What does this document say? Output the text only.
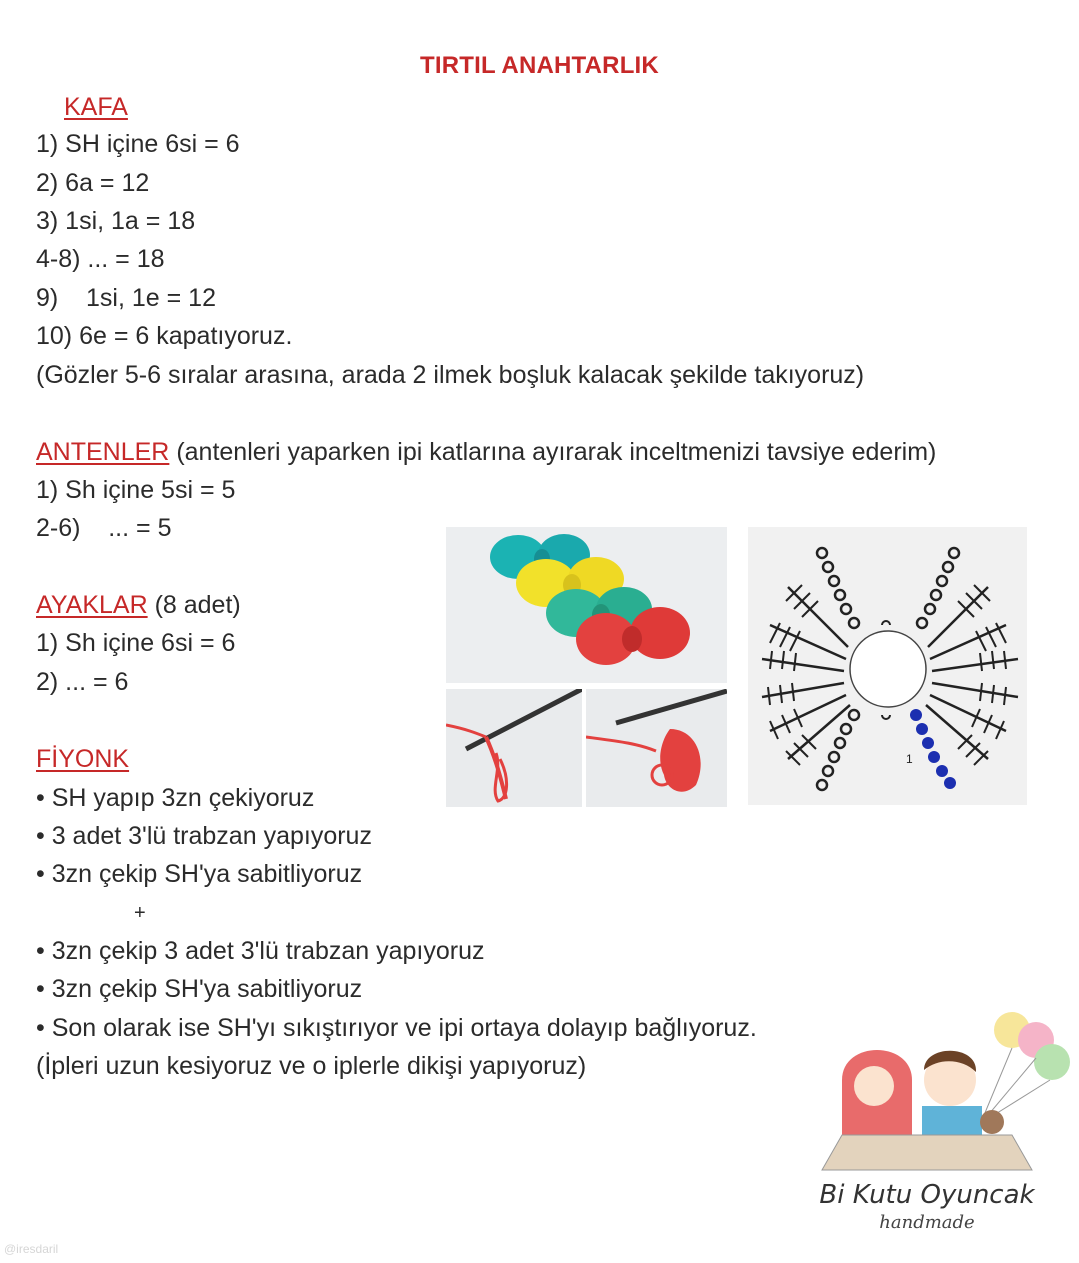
TIRTIL ANAHTARLIK
KAFA
1) SH içine 6si = 6
2) 6a = 12
3) 1si, 1a = 18
4-8) ... = 18
9)    1si, 1e = 12
10) 6e = 6 kapatıyoruz.
(Gözler 5-6 sıralar arasına, arada 2 ilmek boşluk kalacak şekilde takıyoruz)
ANTENLER (antenleri yaparken ipi katlarına ayırarak inceltmenizi tavsiye ederim)
1) Sh içine 5si = 5
2-6)    ... = 5
AYAKLAR (8 adet)
1) Sh içine 6si = 6
2) ... = 6
FİYONK
• SH yapıp 3zn çekiyoruz
• 3 adet 3'lü trabzan yapıyoruz
• 3zn çekip SH'ya sabitliyoruz
+
• 3zn çekip 3 adet 3'lü trabzan yapıyoruz
• 3zn çekip SH'ya sabitliyoruz
• Son olarak ise SH'yı sıkıştırıyor ve ipi ortaya dolayıp bağlıyoruz.
(İpleri uzun kesiyoruz ve o iplerle dikişi yapıyoruz)
1
Bi Kutu Oyuncak
handmade
@iresdaril
